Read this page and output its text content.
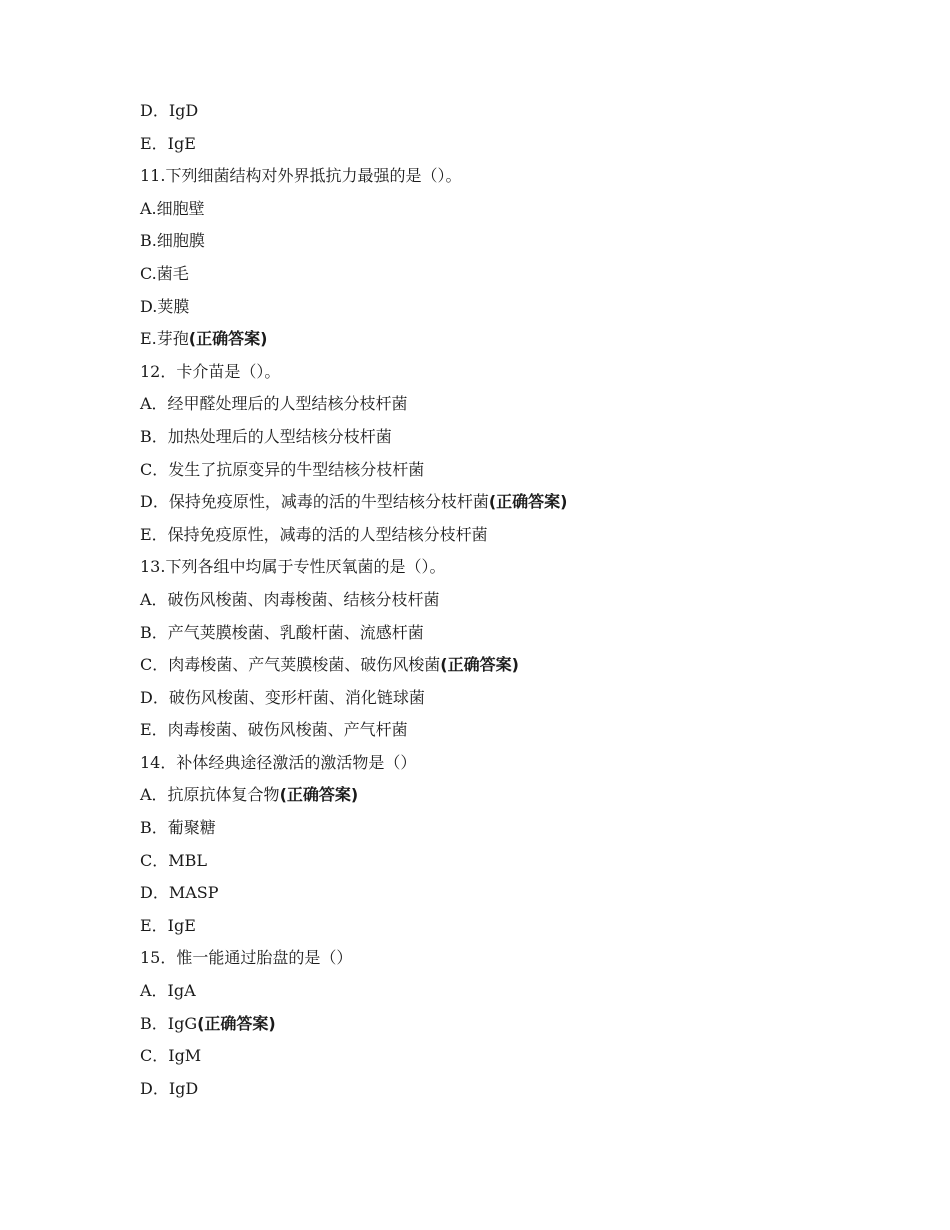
D．IgD
E．IgE
11.下列细菌结构对外界抵抗力最强的是（）。
A.细胞壁
B.细胞膜
C.菌毛
D.荚膜
E.芽孢(正确答案)
12．卡介苗是（）。
A．经甲醛处理后的人型结核分枝杆菌
B．加热处理后的人型结核分枝杆菌
C．发生了抗原变异的牛型结核分枝杆菌
D．保持免疫原性，减毒的活的牛型结核分枝杆菌(正确答案)
E．保持免疫原性，减毒的活的人型结核分枝杆菌
13.下列各组中均属于专性厌氧菌的是（）。
A．破伤风梭菌、肉毒梭菌、结核分枝杆菌
B．产气荚膜梭菌、乳酸杆菌、流感杆菌
C．肉毒梭菌、产气荚膜梭菌、破伤风梭菌(正确答案)
D．破伤风梭菌、变形杆菌、消化链球菌
E．肉毒梭菌、破伤风梭菌、产气杆菌
14．补体经典途径激活的激活物是（）
A．抗原抗体复合物(正确答案)
B．葡聚糖
C．MBL
D．MASP
E．IgE
15．惟一能通过胎盘的是（）
A．IgA
B．IgG(正确答案)
C．IgM
D．IgD
